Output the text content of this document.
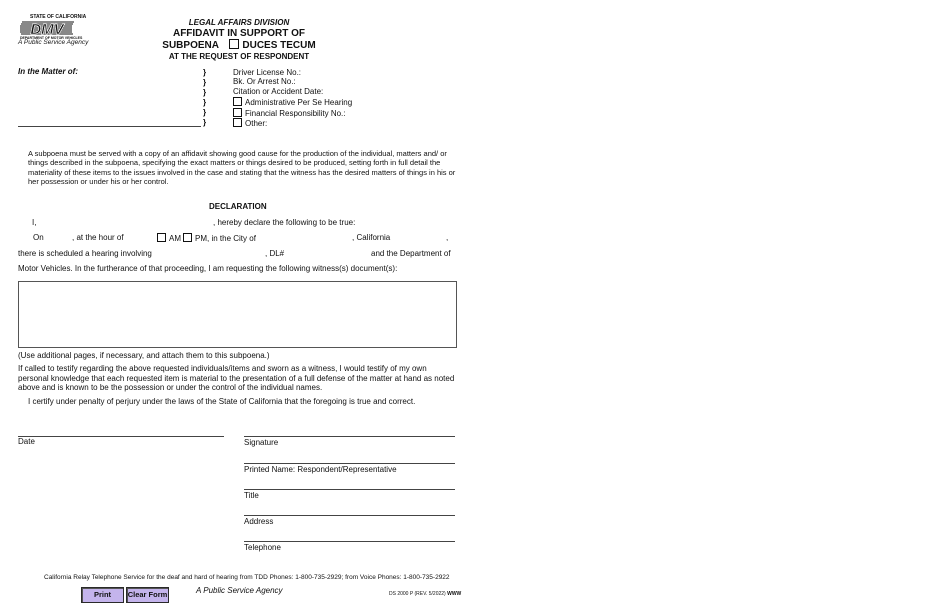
DMV
STATE OF CALIFORNIA
DEPARTMENT OF MOTOR VEHICLES
A Public Service Agency
LEGAL AFFAIRS DIVISION
AFFIDAVIT IN SUPPORT OF
SUBPOENA DUCES TECUM
AT THE REQUEST OF RESPONDENT
In the Matter of:	}
}
}
}
}
}
Driver License No.:
Bk. Or Arrest No.:
Citation or Accident Date:
Administrative Per Se Hearing
Financial Responsibility No.:
Other:
A subpoena must be served with a copy of an affidavit showing good cause for the production of the individual, matters and/ or things described in the subpoena, specifying the exact matters or things desired to be produced, setting forth in full detail the materiality of these items to the issues involved in the case and stating that the witness has the desired matters of things in his or her possession or under his or her control.
DECLARATION
I,	, hereby declare the following to be true:
On	, at the hour of	AM	PM, in the City of	, California	,
there is scheduled a hearing involving	, DL#	and the Department of
Motor Vehicles. In the furtherance of that proceeding, I am requesting the following witness(s) document(s):
(Use additional pages, if necessary, and attach them to this subpoena.)
If called to testify regarding the above requested individuals/items and sworn as a witness, I would testify of my own personal knowledge that each requested item is material to the presentation of a full defense of the matter at hand as noted above and is known to be the possession or under the control of the individual names.
I certify under penalty of perjury under the laws of the State of California that the foregoing is true and correct.
Date	Signature
Printed Name: Respondent/Representative
Title
Address
Telephone
California Relay Telephone Service for the deaf and hard of hearing from TDD Phones: 1-800-735-2929; from Voice Phones: 1-800-735-2922
Print	Clear Form	A Public Service Agency	DS 2000 P (REV. 5/2022) WWW
